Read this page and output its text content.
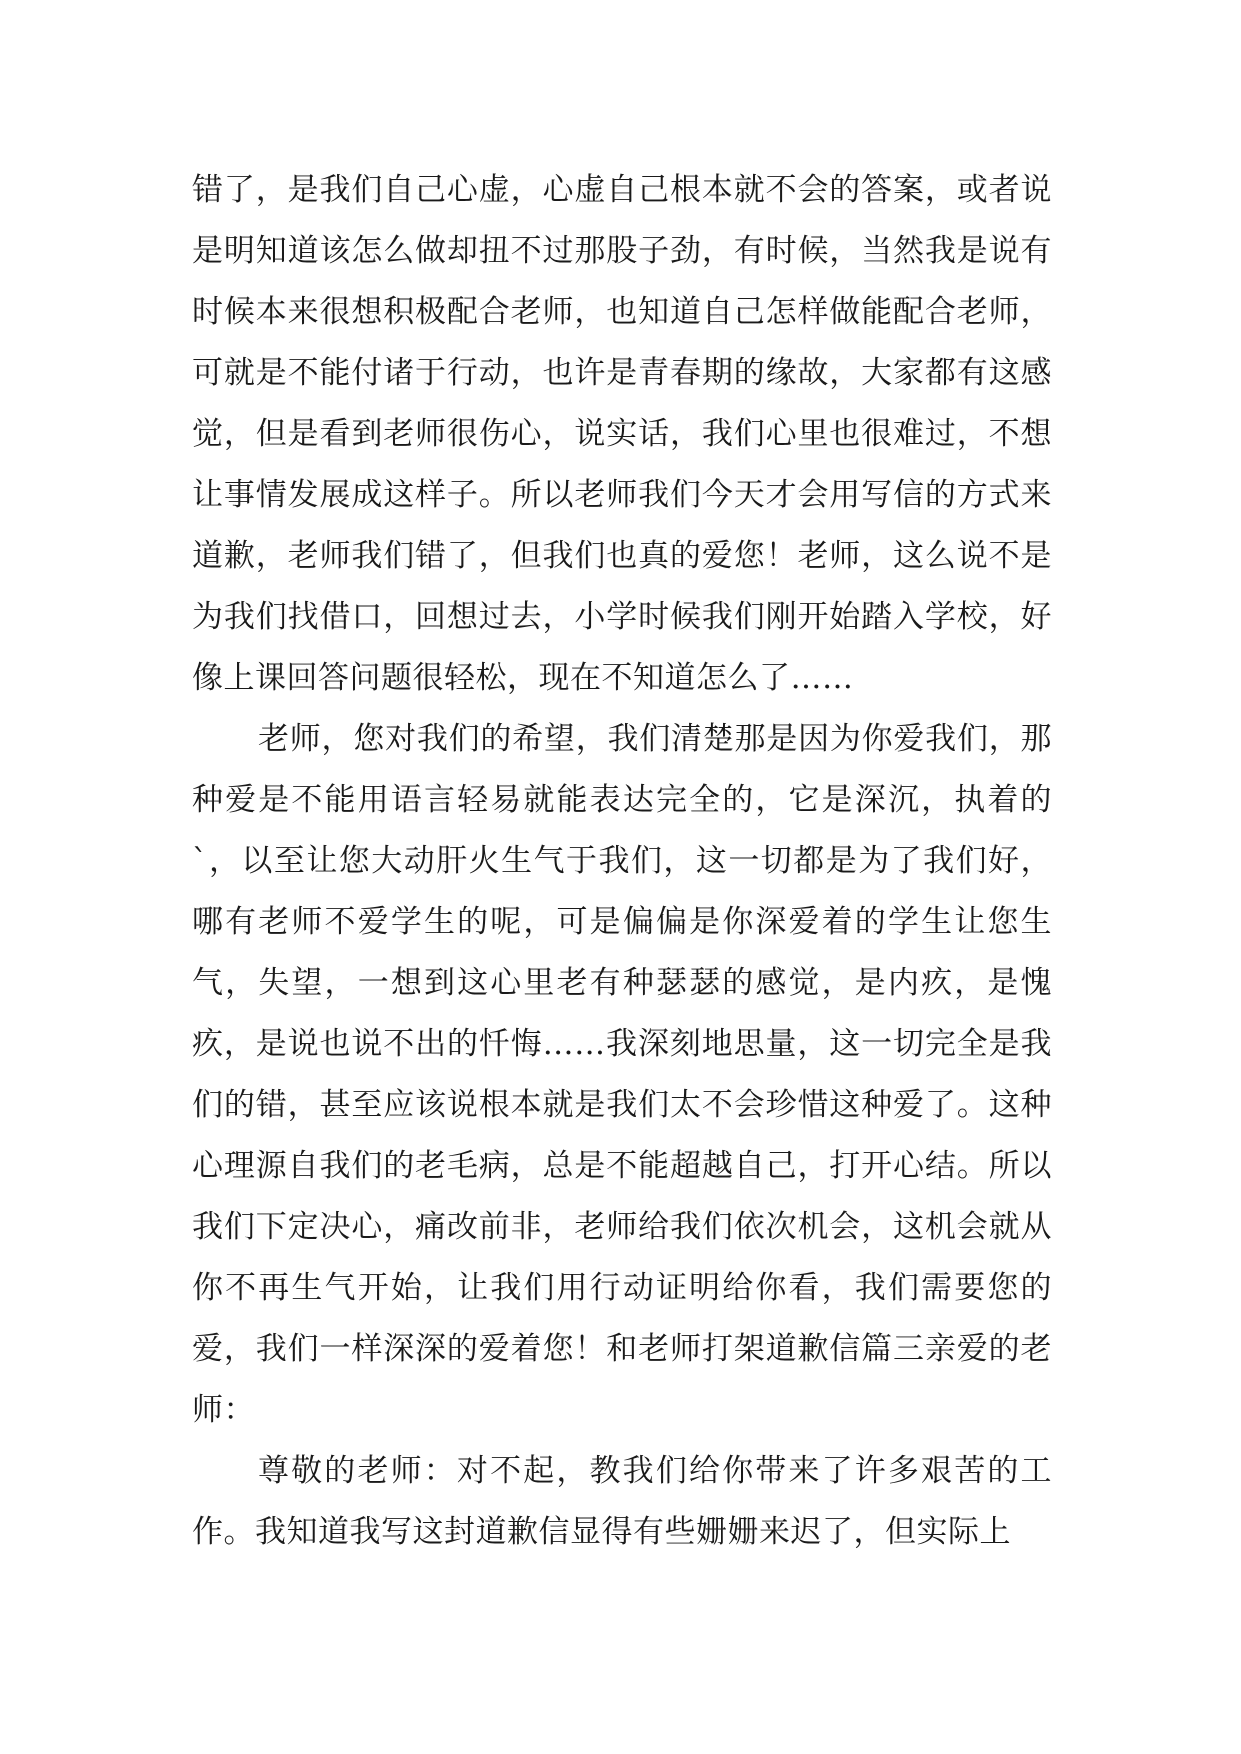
错了，是我们自己心虚，心虚自己根本就不会的答案，或者说是明知道该怎么做却扭不过那股子劲，有时候，当然我是说有时候本来很想积极配合老师，也知道自己怎样做能配合老师，可就是不能付诸于行动，也许是青春期的缘故，大家都有这感觉，但是看到老师很伤心，说实话，我们心里也很难过，不想让事情发展成这样子。所以老师我们今天才会用写信的方式来道歉，老师我们错了，但我们也真的爱您！老师，这么说不是为我们找借口，回想过去，小学时候我们刚开始踏入学校，好像上课回答问题很轻松，现在不知道怎么了……

老师，您对我们的希望，我们清楚那是因为你爱我们，那种爱是不能用语言轻易就能表达完全的，它是深沉，执着的`，以至让您大动肝火生气于我们，这一切都是为了我们好，哪有老师不爱学生的呢，可是偏偏是你深爱着的学生让您生气，失望，一想到这心里老有种瑟瑟的感觉，是内疚，是愧疚，是说也说不出的忏悔……我深刻地思量，这一切完全是我们的错，甚至应该说根本就是我们太不会珍惜这种爱了。这种心理源自我们的老毛病，总是不能超越自己，打开心结。所以我们下定决心，痛改前非，老师给我们依次机会，这机会就从你不再生气开始，让我们用行动证明给你看，我们需要您的爱，我们一样深深的爱着您！和老师打架道歉信篇三亲爱的老师：

尊敬的老师：对不起，教我们给你带来了许多艰苦的工作。我知道我写这封道歉信显得有些姗姗来迟了，但实际上
